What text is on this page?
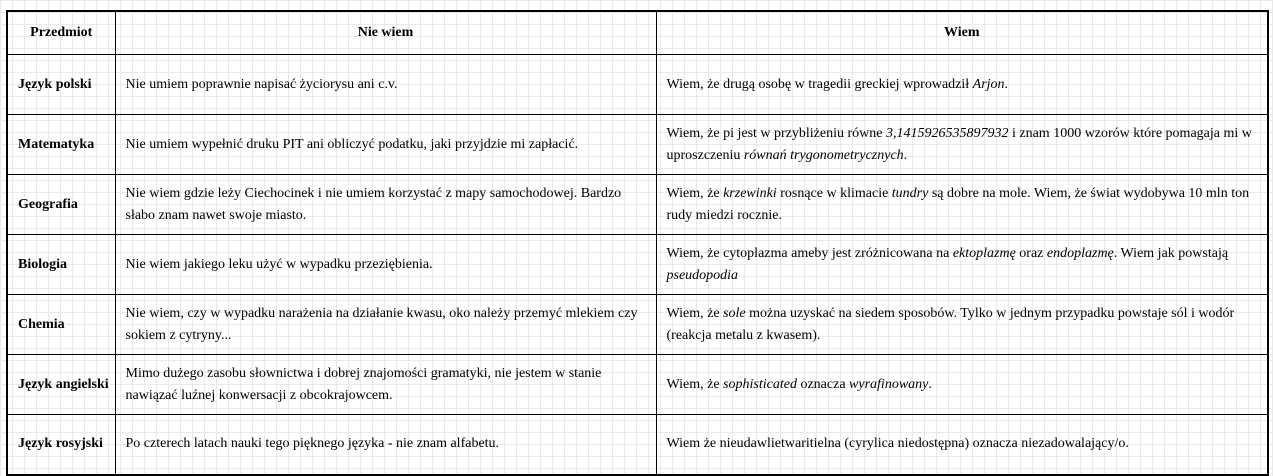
Przedmiot	Nie wiem	Wiem
Język polski	Nie umiem poprawnie napisać życiorysu ani c.v.	Wiem, że drugą osobę w tragedii greckiej wprowadził Arjon.
Matematyka	Nie umiem wypełnić druku PIT ani obliczyć podatku, jaki przyjdzie mi zapłacić.	Wiem, że pi jest w przybliżeniu równe 3,1415926535897932 i znam 1000 wzorów które pomagaja mi w uproszczeniu równań trygonometrycznych.
Geografia	Nie wiem gdzie leży Ciechocinek i nie umiem korzystać z mapy samochodowej. Bardzo słabo znam nawet swoje miasto.	Wiem, że krzewinki rosnące w klimacie tundry są dobre na mole. Wiem, że świat wydobywa 10 mln ton rudy miedzi rocznie.
Biologia	Nie wiem jakiego leku użyć w wypadku przeziębienia.	Wiem, że cytoplazma ameby jest zróżnicowana na ektoplazmę oraz endoplazmę. Wiem jak powstają pseudopodia
Chemia	Nie wiem, czy w wypadku narażenia na działanie kwasu, oko należy przemyć mlekiem czy sokiem z cytryny...	Wiem, że sole można uzyskać na siedem sposobów. Tylko w jednym przypadku powstaje sól i wodór (reakcja metalu z kwasem).
Język angielski	Mimo dużego zasobu słownictwa i dobrej znajomości gramatyki, nie jestem w stanie nawiązać luźnej konwersacji z obcokrajowcem.	Wiem, że sophisticated oznacza wyrafinowany.
Język rosyjski	Po czterech latach nauki tego pięknego języka - nie znam alfabetu.	Wiem że nieudawlietwaritielna (cyrylica niedostępna) oznacza niezadowalający/o.
